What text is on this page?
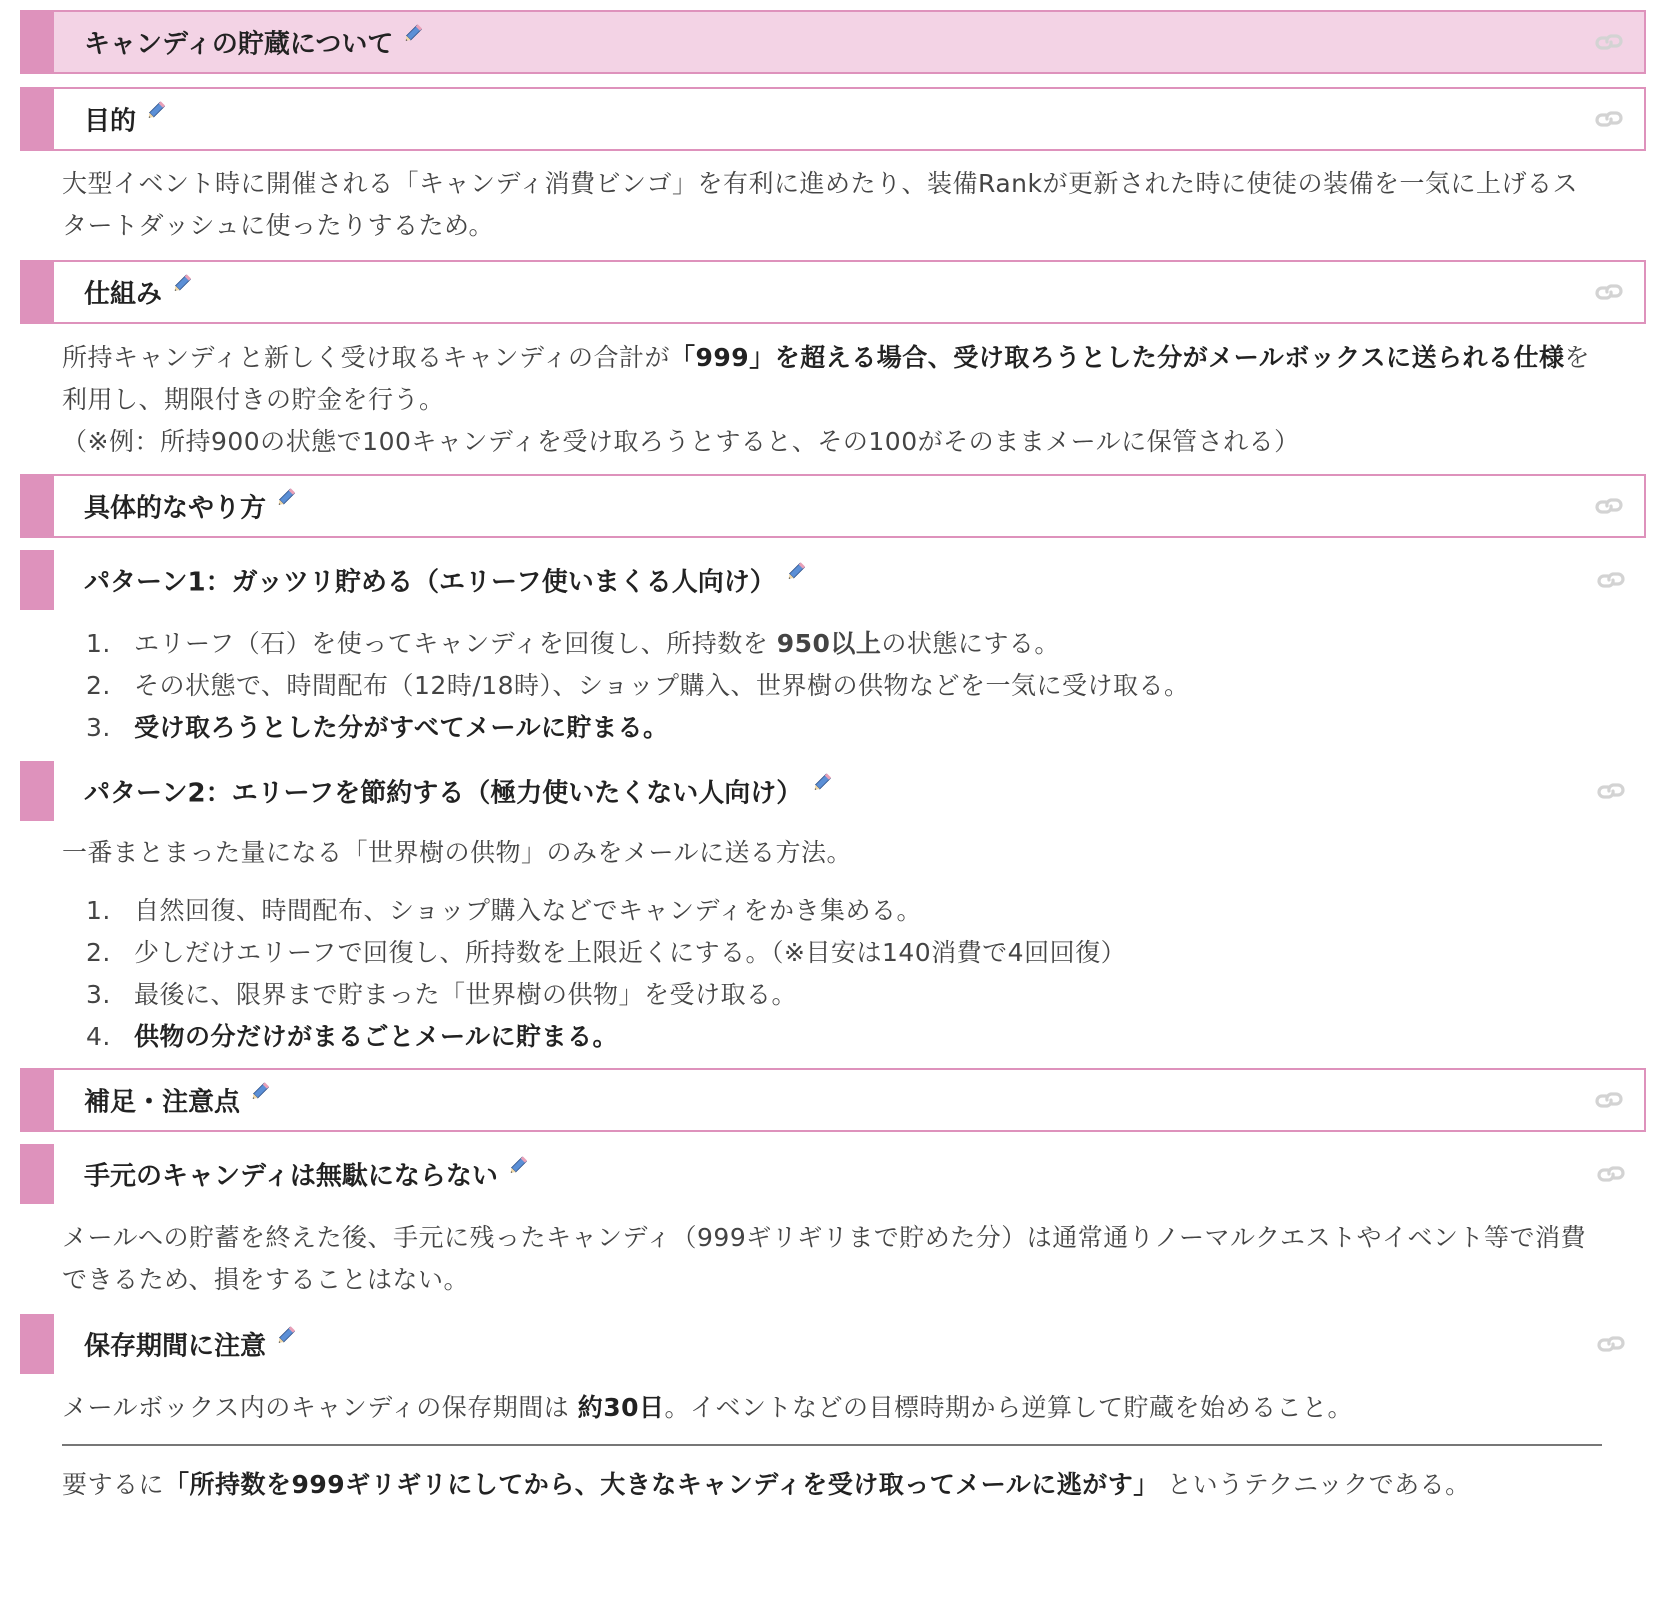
キャンディの貯蔵について
目的
大型イベント時に開催される「キャンディ消費ビンゴ」を有利に進めたり、装備Rankが更新された時に使徒の装備を一気に上げるスタートダッシュに使ったりするため。
仕組み
所持キャンディと新しく受け取るキャンディの合計が「999」を超える場合、受け取ろうとした分がメールボックスに送られる仕様を利用し、期限付きの貯金を行う。
（※例：所持900の状態で100キャンディを受け取ろうとすると、その100がそのままメールに保管される）
具体的なやり方
パターン1：ガッツリ貯める（エリーフ使いまくる人向け）
1. エリーフ（石）を使ってキャンディを回復し、所持数を 950以上の状態にする。
2. その状態で、時間配布（12時/18時）、ショップ購入、世界樹の供物などを一気に受け取る。
3. 受け取ろうとした分がすべてメールに貯まる。
パターン2：エリーフを節約する（極力使いたくない人向け）
一番まとまった量になる「世界樹の供物」のみをメールに送る方法。
1. 自然回復、時間配布、ショップ購入などでキャンディをかき集める。
2. 少しだけエリーフで回復し、所持数を上限近くにする。（※目安は140消費で4回回復）
3. 最後に、限界まで貯まった「世界樹の供物」を受け取る。
4. 供物の分だけがまるごとメールに貯まる。
補足・注意点
手元のキャンディは無駄にならない
メールへの貯蓄を終えた後、手元に残ったキャンディ（999ギリギリまで貯めた分）は通常通りノーマルクエストやイベント等で消費できるため、損をすることはない。
保存期間に注意
メールボックス内のキャンディの保存期間は 約30日。イベントなどの目標時期から逆算して貯蔵を始めること。
要するに「所持数を999ギリギリにしてから、大きなキャンディを受け取ってメールに逃がす」 というテクニックである。
